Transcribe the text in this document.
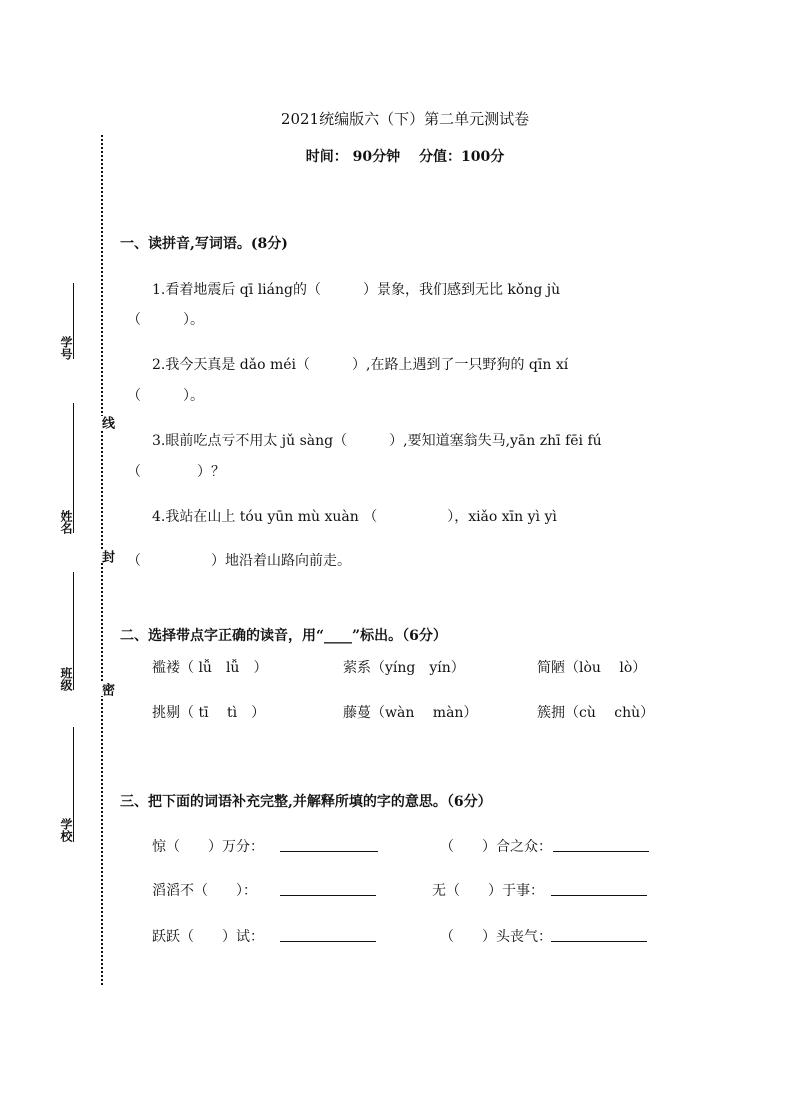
学号
姓名
班级
学校
线
封
密
2021统编版六（下）第二单元测试卷
时间： 90分钟　 分值：100分
一、读拼音,写词语。(8分)
1.看着地震后 qī liáng的（　　　）景象，我们感到无比 kǒng jù
（　　　）。
2.我今天真是 dǎo méi（　　　）,在路上遇到了一只野狗的 qīn xí
（　　　）。
3.眼前吃点亏不用太 jǔ sàng（　　　）,要知道塞翁失马,yān zhī fēi fú
（　　　　）？
4.我站在山上 tóu yūn mù xuàn （　　　　　），xiǎo xīn yì yì
（　　　　　）地沿着山路向前走。
二、选择带点字正确的读音，用“____”标出。（6分）
褴褛（ lǚ　lǚ　）	萦系（yíng　yín）	简陋（lòu　 lò）
挑剔（ tī　 tì　）	藤蔓（wàn　 màn）	簇拥（cù　 chù）
三、把下面的词语补充完整,并解释所填的字的意思。（6分）
惊（　　）万分：	（　　）合之众：
滔滔不（　　）：	无（　　）于事：
跃跃（　　）试：	（　　）头丧气：
